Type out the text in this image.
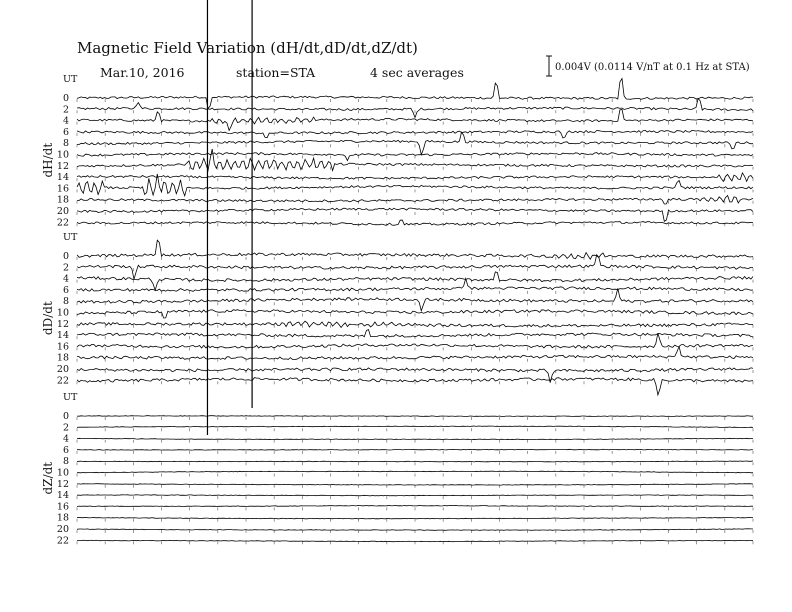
Magnetic Field Variation (dH/dt,dD/dt,dZ/dt)
Mar.10, 2016	station=STA	4 sec averages	0.004V (0.0114 V/nT at 0.1 Hz at STA)
UT
dH/dt
0
2
4
6
8
10
12
14
16
18
20
22
UT
dD/dt
0
2
4
6
8
10
12
14
16
18
20
22
UT
dZ/dt
0
2
4
6
8
10
12
14
16
18
20
22
